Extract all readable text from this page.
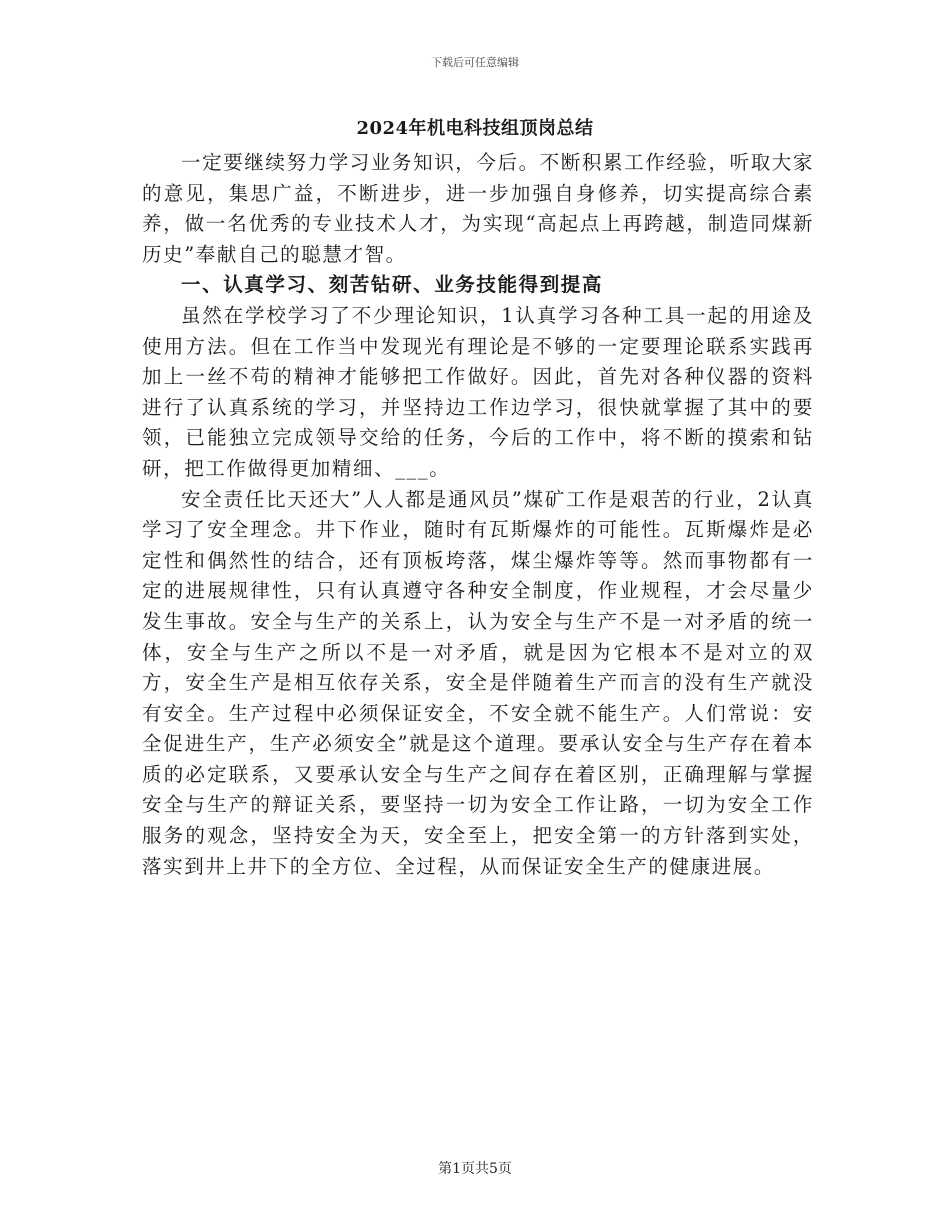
下载后可任意编辑
2024年机电科技组顶岗总结

一定要继续努力学习业务知识，今后。不断积累工作经验，听取大家的意见，集思广益，不断进步，进一步加强自身修养，切实提高综合素养，做一名优秀的专业技术人才，为实现“高起点上再跨越，制造同煤新历史”奉献自己的聪慧才智。

一、认真学习、刻苦钻研、业务技能得到提高

虽然在学校学习了不少理论知识，1认真学习各种工具一起的用途及使用方法。但在工作当中发现光有理论是不够的一定要理论联系实践再加上一丝不苟的精神才能够把工作做好。因此，首先对各种仪器的资料进行了认真系统的学习，并坚持边工作边学习，很快就掌握了其中的要领，已能独立完成领导交给的任务，今后的工作中，将不断的摸索和钻研，把工作做得更加精细、___。

安全责任比天还大”人人都是通风员”煤矿工作是艰苦的行业，2认真学习了安全理念。井下作业，随时有瓦斯爆炸的可能性。瓦斯爆炸是必定性和偶然性的结合，还有顶板垮落，煤尘爆炸等等。然而事物都有一定的进展规律性，只有认真遵守各种安全制度，作业规程，才会尽量少发生事故。安全与生产的关系上，认为安全与生产不是一对矛盾的统一体，安全与生产之所以不是一对矛盾，就是因为它根本不是对立的双方，安全生产是相互依存关系，安全是伴随着生产而言的没有生产就没有安全。生产过程中必须保证安全，不安全就不能生产。人们常说：安全促进生产，生产必须安全”就是这个道理。要承认安全与生产存在着本质的必定联系，又要承认安全与生产之间存在着区别，正确理解与掌握安全与生产的辩证关系，要坚持一切为安全工作让路，一切为安全工作服务的观念，坚持安全为天，安全至上，把安全第一的方针落到实处，落实到井上井下的全方位、全过程，从而保证安全生产的健康进展。

第1页共5页
